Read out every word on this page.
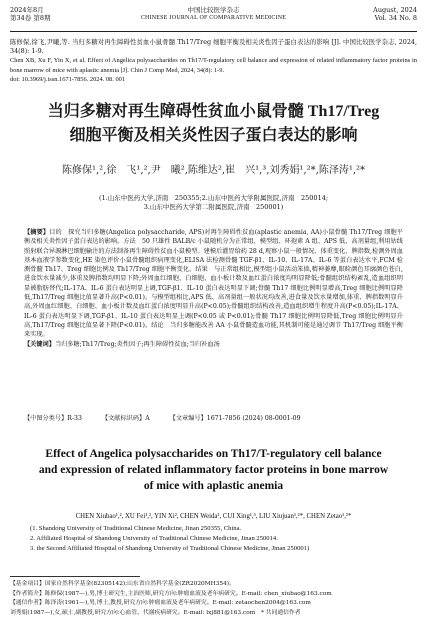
2024年8月
第34卷 第8期
中国比较医学杂志
CHINESE JOURNAL OF COMPARATIVE MEDICINE
August, 2024
Vol. 34 No. 8
陈修保,徐飞,尹曦,等. 当归多糖对再生障碍性贫血小鼠骨髓 Th17/Treg 细胞平衡及相关炎性因子蛋白表达的影响 [J]. 中国比较医学杂志, 2024, 34(8): 1-9.
Chen XB, Xu F, Yin X, et al. Effect of Angelica polysaccharides on Th17/T-regulatory cell balance and expression of related inflammatory factor proteins in bone marrow of mice with aplastic anemia [J]. Chin J Comp Med, 2024, 34(8): 1-9.
doi: 10.3969/j.issn.1671-7856. 2024. 08. 001
当归多糖对再生障碍性贫血小鼠骨髓 Th17/Treg
细胞平衡及相关炎性因子蛋白表达的影响
陈修保¹,²,徐　飞¹,²,尹　曦²,陈维达²,崔　兴¹,³,刘秀娟¹,²*,陈泽涛¹,²*
(1.山东中医药大学,济南　250355;2.山东中医药大学附属医院,济南　250014;
3.山东中医药大学第二附属医院,济南　250001)
【摘要】目的　探究当归多糖(Angelica polysaccharide, APS)对再生障碍性贫血(aplastic anemia, AA)小鼠骨髓 Th17/Treg 细胞平衡及相关炎性因子蛋白表达的影响。方法　50 只雄性 BALB/c 小鼠随机分为正常组、模型组、环孢素 A 组、APS 低、高剂量组,利用钴线照射联合异源淋巴细胞输注的方法制备再生障碍性贫血小鼠模型。建模后灌胃给药 28 d,观察小鼠一般情况、体重变化、脾指数,检测外周血基本血液学参数变化,HE 染色评价小鼠骨髓组织病理变化,ELISA 法检测骨髓 TGF-β1、IL-10、IL-17A、IL-6 等蛋白表达水平,FCM 检测骨髓 Th17、Treg 细胞比例及 Th17/Treg 细胞平衡变化。结果　与正常组相比,模型组小鼠活动笨拙,精神萎靡,眼睑颜色耳廓颜色苍白,进食饮水量减少,体重及脾指数均明显下降;外周血红细胞、白细胞、血小板计数及血红蛋白浓度均明显降低;骨髓组织结构紊乱,造血组织明显被脂肪替代;IL-17A、IL-6 蛋白表达明显上调,TGF-β1、IL-10 蛋白表达明显下调;骨髓 Th17 细胞比例明显增高,Treg 细胞比例明显降低,Th17/Treg 细胞比值显著升高(P<0.01)。与模型组相比,APS 低、高剂量组一般状况均改善,进食量及饮水量增加,体重、脾指数明显升高,外周血红细胞、白细胞、血小板计数及血红蛋白浓度明显升高(P<0.05);骨髓组织结构改善,造血组织增生程度升高(P<0.05);IL-17A、IL-6 蛋白表达明显下调,TGF-β1、IL-10 蛋白表达明显上调(P<0.05 或 P<0.01);骨髓 Th17 细胞比例明显降低,Treg 细胞比例明显升高,Th17/Treg 细胞比值显著下降(P<0.01)。结论　当归多糖能改善 AA 小鼠骨髓造血功能,其机制可能是通过调节 Th17/Treg 细胞平衡来实现。
【关键词】当归多糖;Th17/Treg;炎性因子;再生障碍性贫血;当归补血汤
【中图分类号】R-33	【文献标识码】A	【文章编号】1671-7856 (2024) 08-0001-09
Effect of Angelica polysaccharides on Th17/T-regulatory cell balance
and expression of related inflammatory factor proteins in bone marrow
of mice with aplastic anemia
CHEN Xiubao¹,², XU Fei¹,², YIN Xi², CHEN Weida², CUI Xing¹,³, LIU Xiujuan¹,²*, CHEN Zetao¹,²*
(1. Shandong University of Traditional Chinese Medicine, Jinan 250355, China.
2. Affiliated Hospital of Shandong University of Traditional Chinese Medicine, Jinan 250014.
3. the Second Affiliated Hospital of Shandong University of Traditional Chinese Medicine, Jinan 250001)
【基金项目】国家自然科学基金(82305142);山东省自然科学基金(ZR2020MH354)。
【作者简介】陈修保(1987—),男,博士研究生,主治医师,研究方向:肿瘤血液及老年病研究。E-mail: chen_xiubao@163.com
【通信作者】陈泽涛(1961—),男,博士,教授,研究方向:肿瘤血液及老年病研究。E-mail: zetaochen2004@163.com
刘秀娟(1987—),女,硕士,副教授,研究方向:心血管、代谢疾病研究。E-mail: lxj881@163.com　* 共同通信作者
